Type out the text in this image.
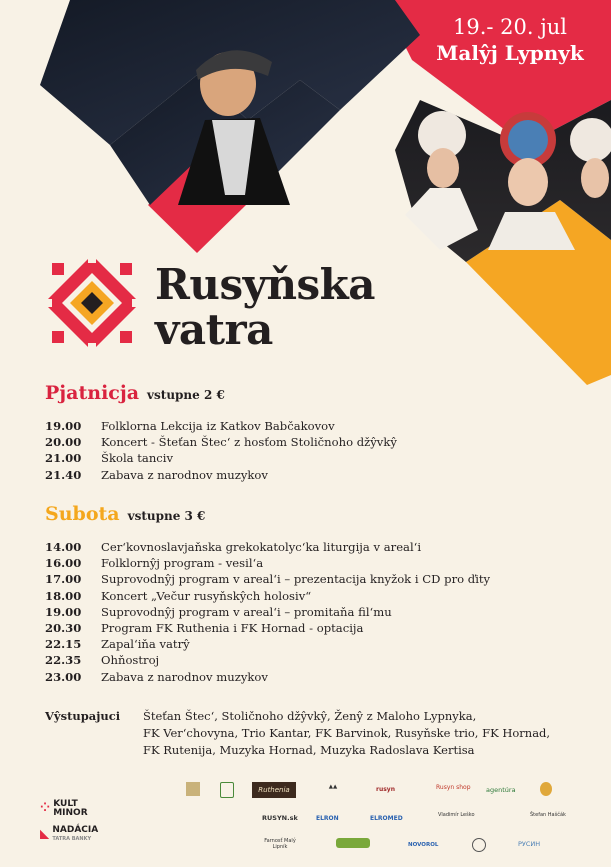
19.- 20. jul
Malŷj Lypnyk
Rusyňska
vatra
Pjatnicja vstupne 2 €
19.00	Folklorna Lekcija iz Katkov Babčakovov
20.00	Koncert - Šteťan Štec‘ z hosťom Stoličnoho džŷvkŷ
21.00	Škola tanciv
21.40	Zabava z narodnov muzykov
Subota vstupne 3 €
14.00	Cer‘kovnoslavjaňska grekokatolyc‘ka liturgija v areal‘i
16.00	Folklornŷj program - vesil‘a
17.00	Suprovodnŷj program v areal‘i – prezentacija knyžok i CD pro ďity
18.00	Koncert „Večur rusyňskŷch holosiv“
19.00	Suprovodnŷj program v areal‘i – promitaňa fil‘mu
20.30	Program FK Ruthenia i FK Hornad - optacija
22.15	Zapal‘iňa vatrŷ
22.35	Ohňostroj
23.00	Zabava z narodnov muzykov
Vŷstupajuci Šteťan Štec‘, Stoličnoho džŷvkŷ, Ženŷ z Maloho Lypnyka,
FK Ver‘chovyna, Trio Kantar, FK Barvinok, Rusyňske trio, FK Hornad,
FK Rutenija, Muzyka Hornad, Muzyka Radoslava Kertisa
⁘ KULT
MINOR
◣ NADÁCIA
TATRA BANKY
Ruthenia	▲▲	rusyn	Rusyn shop agentúra
RUSYN.sk	ELRON	ELROMED	Vladimír Leško	Štefan Haščák
Farnosť Malý Lipník	NOVOROL	РУСИН
